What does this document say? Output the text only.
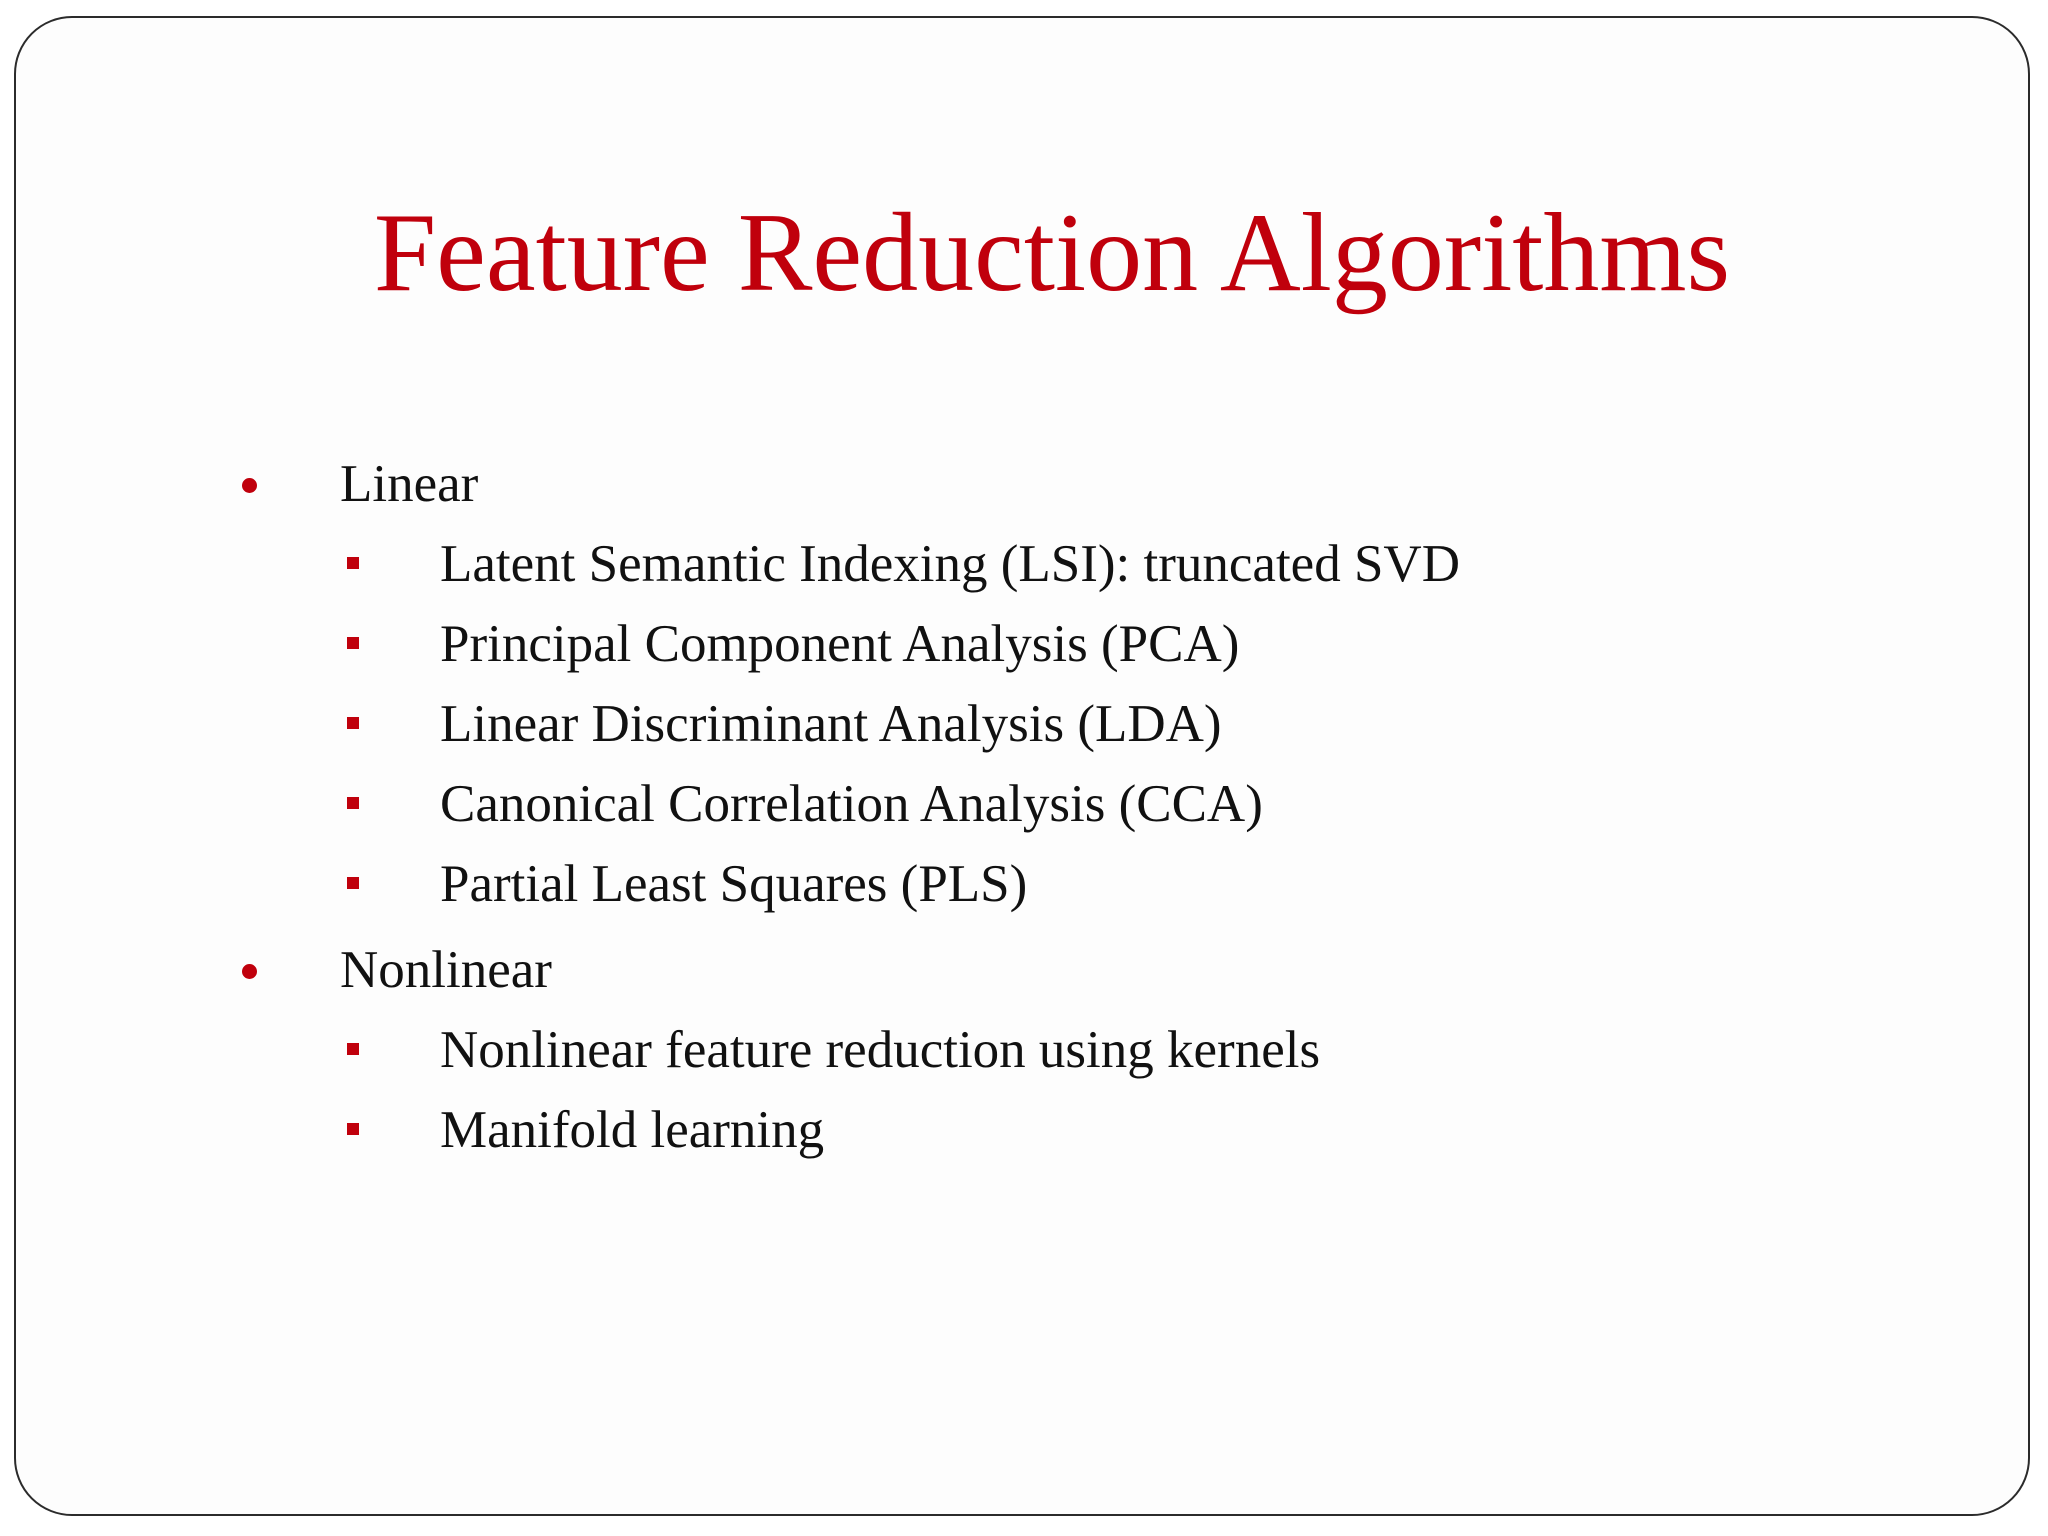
Feature Reduction Algorithms
Linear
Latent Semantic Indexing (LSI): truncated SVD
Principal Component Analysis (PCA)
Linear Discriminant Analysis (LDA)
Canonical Correlation Analysis (CCA)
Partial Least Squares (PLS)
Nonlinear
Nonlinear feature reduction using kernels
Manifold learning
